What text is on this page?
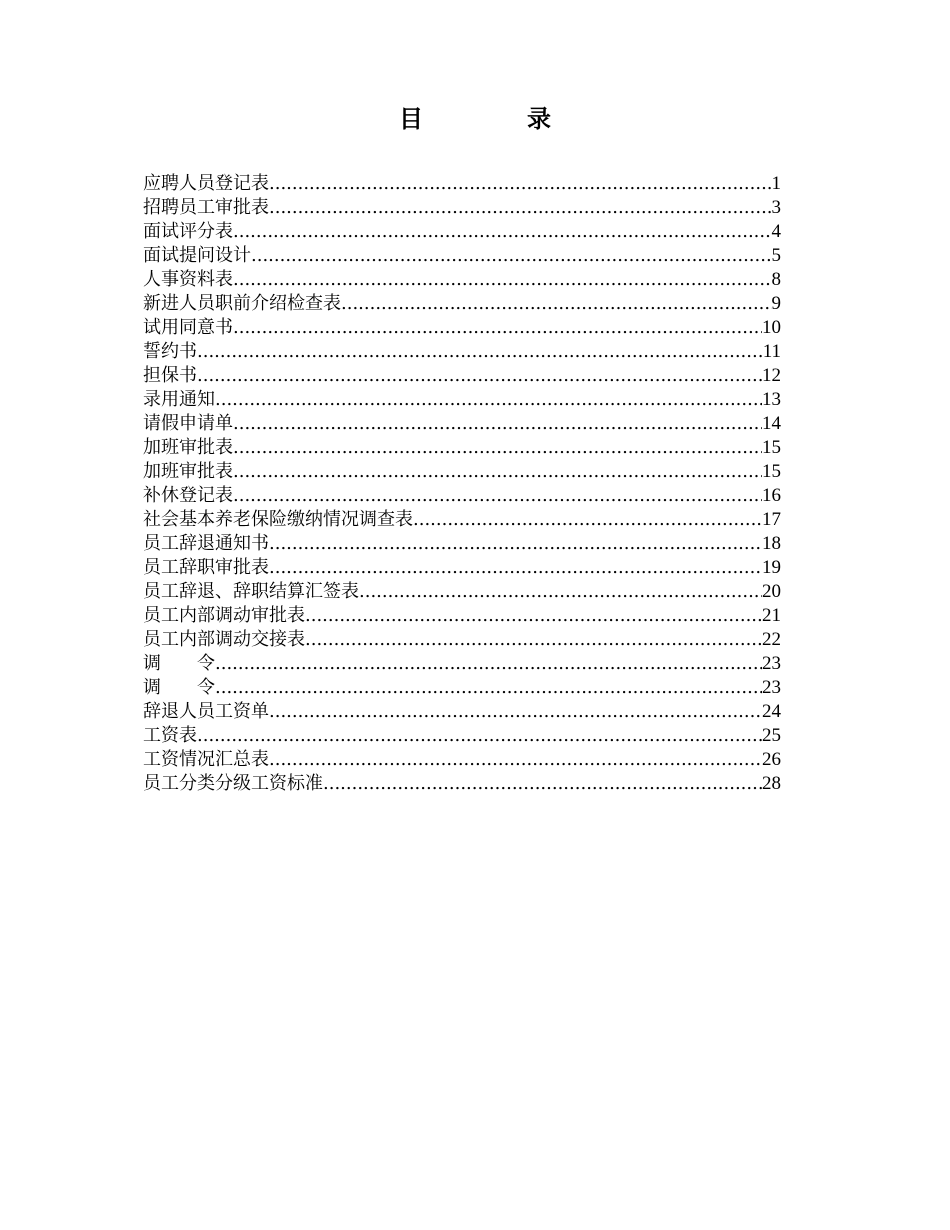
目　录
应聘人员登记表 .....	1
招聘员工审批表 .....	3
面试评分表 .....	4
面试提问设计 .....	5
人事资料表 .....	8
新进人员职前介绍检查表 .....	9
试用同意书 .....	10
誓约书 .....	11
担保书 .....	12
录用通知 .....	13
请假申请单 .....	14
加班审批表 .....	15
加班审批表 .....	15
补休登记表 .....	16
社会基本养老保险缴纳情况调查表 .....	17
员工辞退通知书 .....	18
员工辞职审批表 .....	19
员工辞退、辞职结算汇签表 .....	20
员工内部调动审批表 .....	21
员工内部调动交接表 .....	22
调　　令 .....	23
调　　令 .....	23
辞退人员工资单 .....	24
工资表 .....	25
工资情况汇总表 .....	26
员工分类分级工资标准 .....	28
